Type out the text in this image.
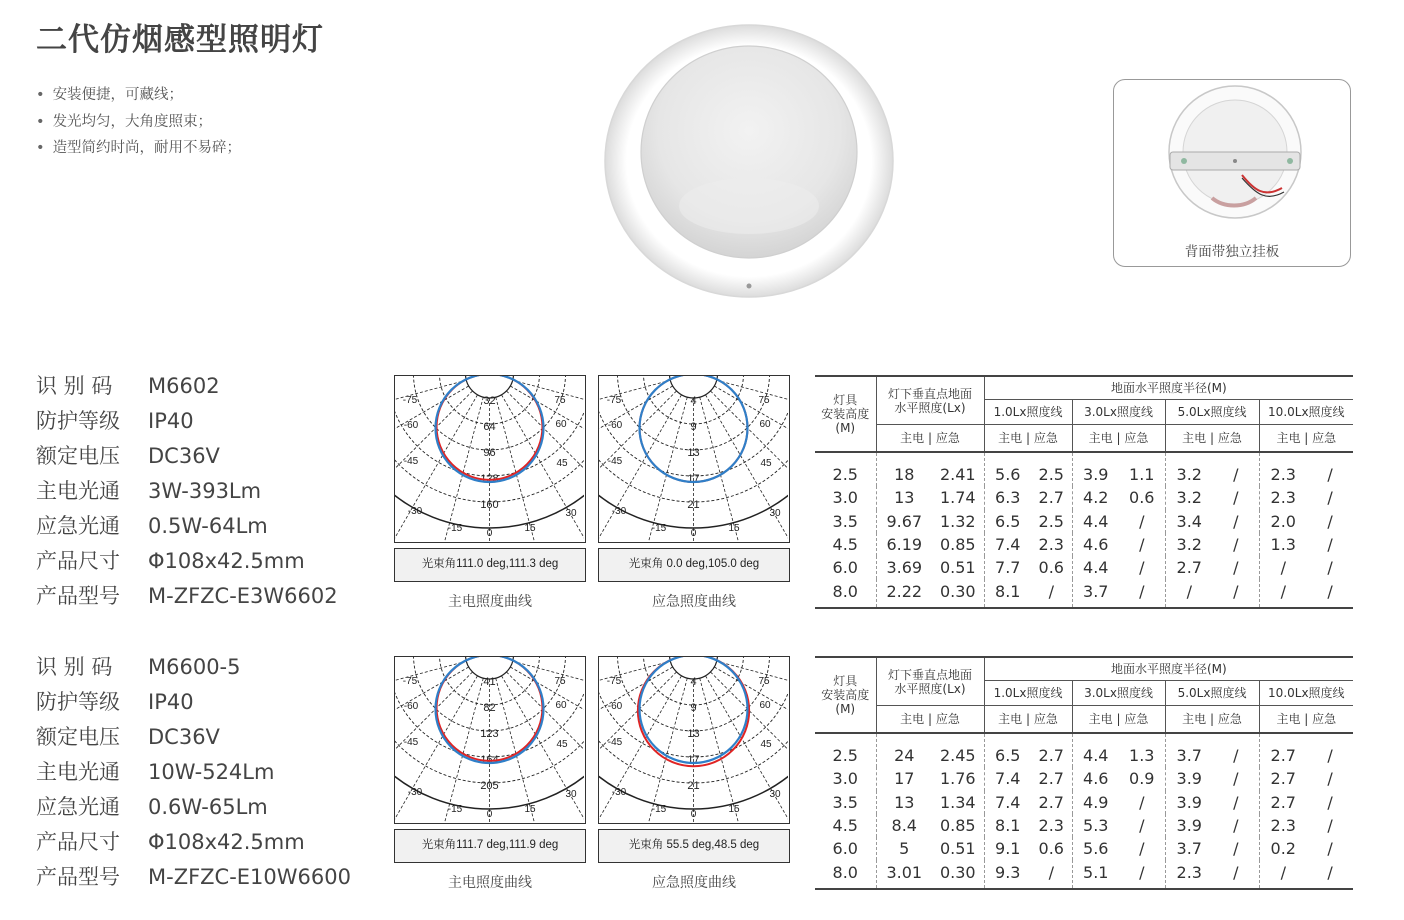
二代仿烟感型照明灯
• 安装便捷，可藏线；
• 发光均匀，大角度照束；
• 造型简约时尚，耐用不易碎；
背面带独立挂板
识 别 码	M6602
防护等级	IP40
额定电压	DC36V
主电光通	3W-393Lm
应急光通	0.5W-64Lm
产品尺寸	Φ108x42.5mm
产品型号	M-ZFZC-E3W6602
识 别 码	M6600-5
防护等级	IP40
额定电压	DC36V
主电光通	10W-524Lm
应急光通	0.6W-65Lm
产品尺寸	Φ108x42.5mm
产品型号	M-ZFZC-E10W6600
-75
-60
-45
-30
-15 0	15
30
45
60
75
32
64
96
128
160
光束角111.0 deg,111.3 deg
主电照度曲线
-75
-60
-45
-30
-15 0	15
30
45
60
75
4
9
13
17
21
光束角 0.0 deg,105.0 deg
应急照度曲线
-75
-60
-45
-30
-15 0	15
30
45
60
75
41
82
123
164
205
光束角111.7 deg,111.9 deg
主电照度曲线
-75
-60
-45
-30
-15 0	15
30
45
60
75
4
9
13
17
21
光束角 55.5 deg,48.5 deg
应急照度曲线
灯具
安装高度
(M)	灯下垂直点地面
水平照度(Lx)		地面水平照度半径(M)							
			1.0Lx照度线		3.0Lx照度线		5.0Lx照度线		10.0Lx照度线	
	主电 | 应急		主电 | 应急		主电 | 应急		主电 | 应急		主电 | 应急	
2.5	18	2.41	5.6	2.5	3.9	1.1	3.2	/	2.3	/
3.0	13	1.74	6.3	2.7	4.2	0.6	3.2	/	2.3	/
3.5	9.67	1.32	6.5	2.5	4.4	/	3.4	/	2.0	/
4.5	6.19	0.85	7.4	2.3	4.6	/	3.2	/	1.3	/
6.0	3.69	0.51	7.7	0.6	4.4	/	2.7	/	/	/
8.0	2.22	0.30	8.1	/	3.7	/	/	/	/	/
灯具
安装高度
(M)	灯下垂直点地面
水平照度(Lx)		地面水平照度半径(M)							
			1.0Lx照度线		3.0Lx照度线		5.0Lx照度线		10.0Lx照度线	
	主电 | 应急		主电 | 应急		主电 | 应急		主电 | 应急		主电 | 应急	
2.5	24	2.45	6.5	2.7	4.4	1.3	3.7	/	2.7	/
3.0	17	1.76	7.4	2.7	4.6	0.9	3.9	/	2.7	/
3.5	13	1.34	7.4	2.7	4.9	/	3.9	/	2.7	/
4.5	8.4	0.85	8.1	2.3	5.3	/	3.9	/	2.3	/
6.0	5	0.51	9.1	0.6	5.6	/	3.7	/	0.2	/
8.0	3.01	0.30	9.3	/	5.1	/	2.3	/	/	/
